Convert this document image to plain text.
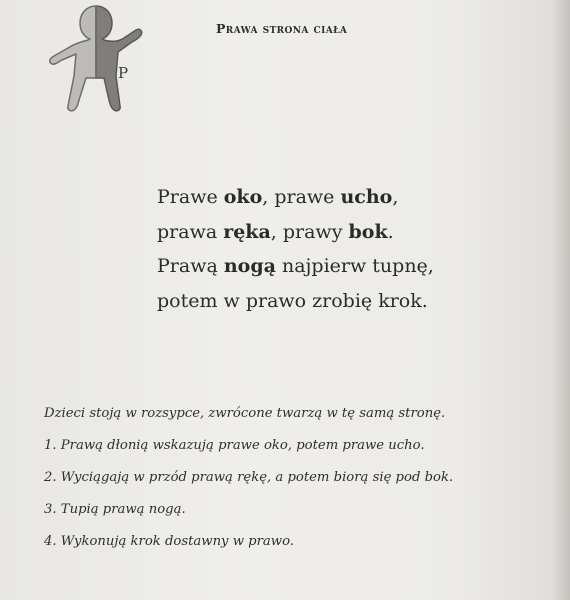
P
Prawa strona ciała
Prawe oko, prawe ucho,
prawa ręka, prawy bok.
Prawą nogą najpierw tupnę,
potem w prawo zrobię krok.
Dzieci stoją w rozsypce, zwrócone twarzą w tę samą stronę.
1. Prawą dłonią wskazują prawe oko, potem prawe ucho.
2. Wyciągają w przód prawą rękę, a potem biorą się pod bok.
3. Tupią prawą nogą.
4. Wykonują krok dostawny w prawo.
